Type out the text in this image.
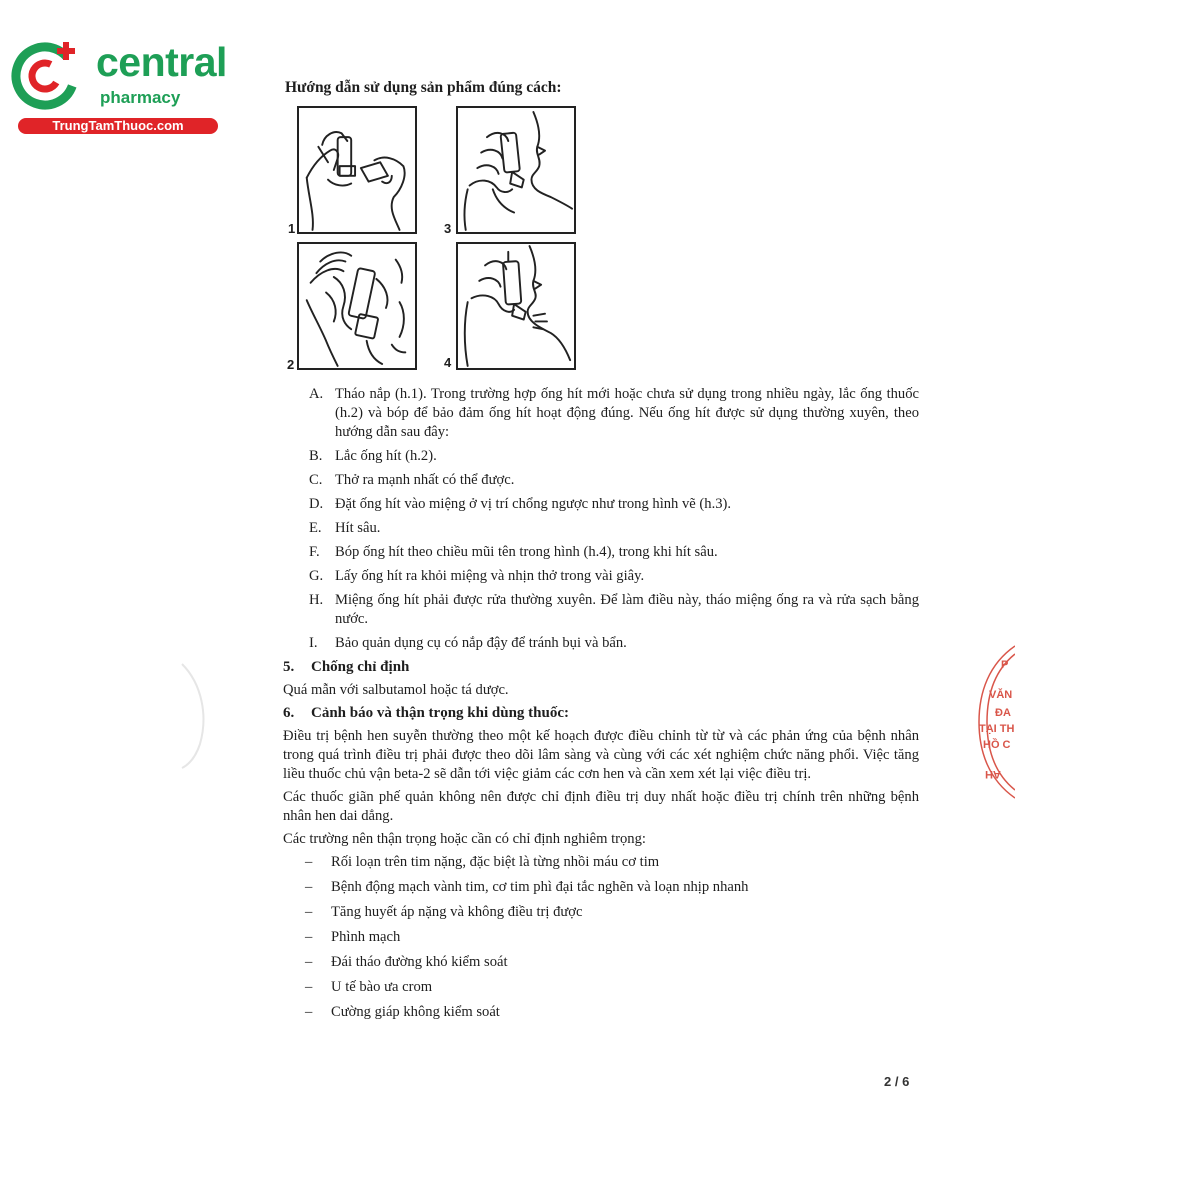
central
pharmacy
TrungTamThuoc.com
Hướng dẫn sử dụng sản phẩm đúng cách:
1	3
2	4
A. Tháo nắp (h.1). Trong trường hợp ống hít mới hoặc chưa sử dụng trong nhiều ngày, lắc ống thuốc (h.2) và bóp để bảo đảm ống hít hoạt động đúng. Nếu ống hít được sử dụng thường xuyên, theo hướng dẫn sau đây:
B. Lắc ống hít (h.2).
C. Thở ra mạnh nhất có thể được.
D. Đặt ống hít vào miệng ở vị trí chổng ngược như trong hình vẽ (h.3).
E. Hít sâu.
F. Bóp ống hít theo chiều mũi tên trong hình (h.4), trong khi hít sâu.
G. Lấy ống hít ra khỏi miệng và nhịn thở trong vài giây.
H. Miệng ống hít phải được rửa thường xuyên. Để làm điều này, tháo miệng ống ra và rửa sạch bằng nước.
I. Bảo quản dụng cụ có nắp đậy để tránh bụi và bẩn.
5. Chống chỉ định

Quá mẫn với salbutamol hoặc tá dược.

6. Cảnh báo và thận trọng khi dùng thuốc:

Điều trị bệnh hen suyễn thường theo một kế hoạch được điều chỉnh từ từ và các phản ứng của bệnh nhân trong quá trình điều trị phải được theo dõi lâm sàng và cùng với các xét nghiệm chức năng phổi. Việc tăng liều thuốc chủ vận beta-2 sẽ dẫn tới việc giảm các cơn hen và cần xem xét lại việc điều trị.

Các thuốc giãn phế quản không nên được chỉ định điều trị duy nhất hoặc điều trị chính trên những bệnh nhân hen dai dẳng.

Các trường nên thận trọng hoặc cần có chỉ định nghiêm trọng:

– Rối loạn trên tim nặng, đặc biệt là từng nhồi máu cơ tim
– Bệnh động mạch vành tim, cơ tim phì đại tắc nghẽn và loạn nhịp nhanh
– Tăng huyết áp nặng và không điều trị được
– Phình mạch
– Đái tháo đường khó kiểm soát
– U tế bào ưa crom
– Cường giáp không kiểm soát
2 / 6
P
VĂN
ĐA
TẠI TH
HỒ C
AH
